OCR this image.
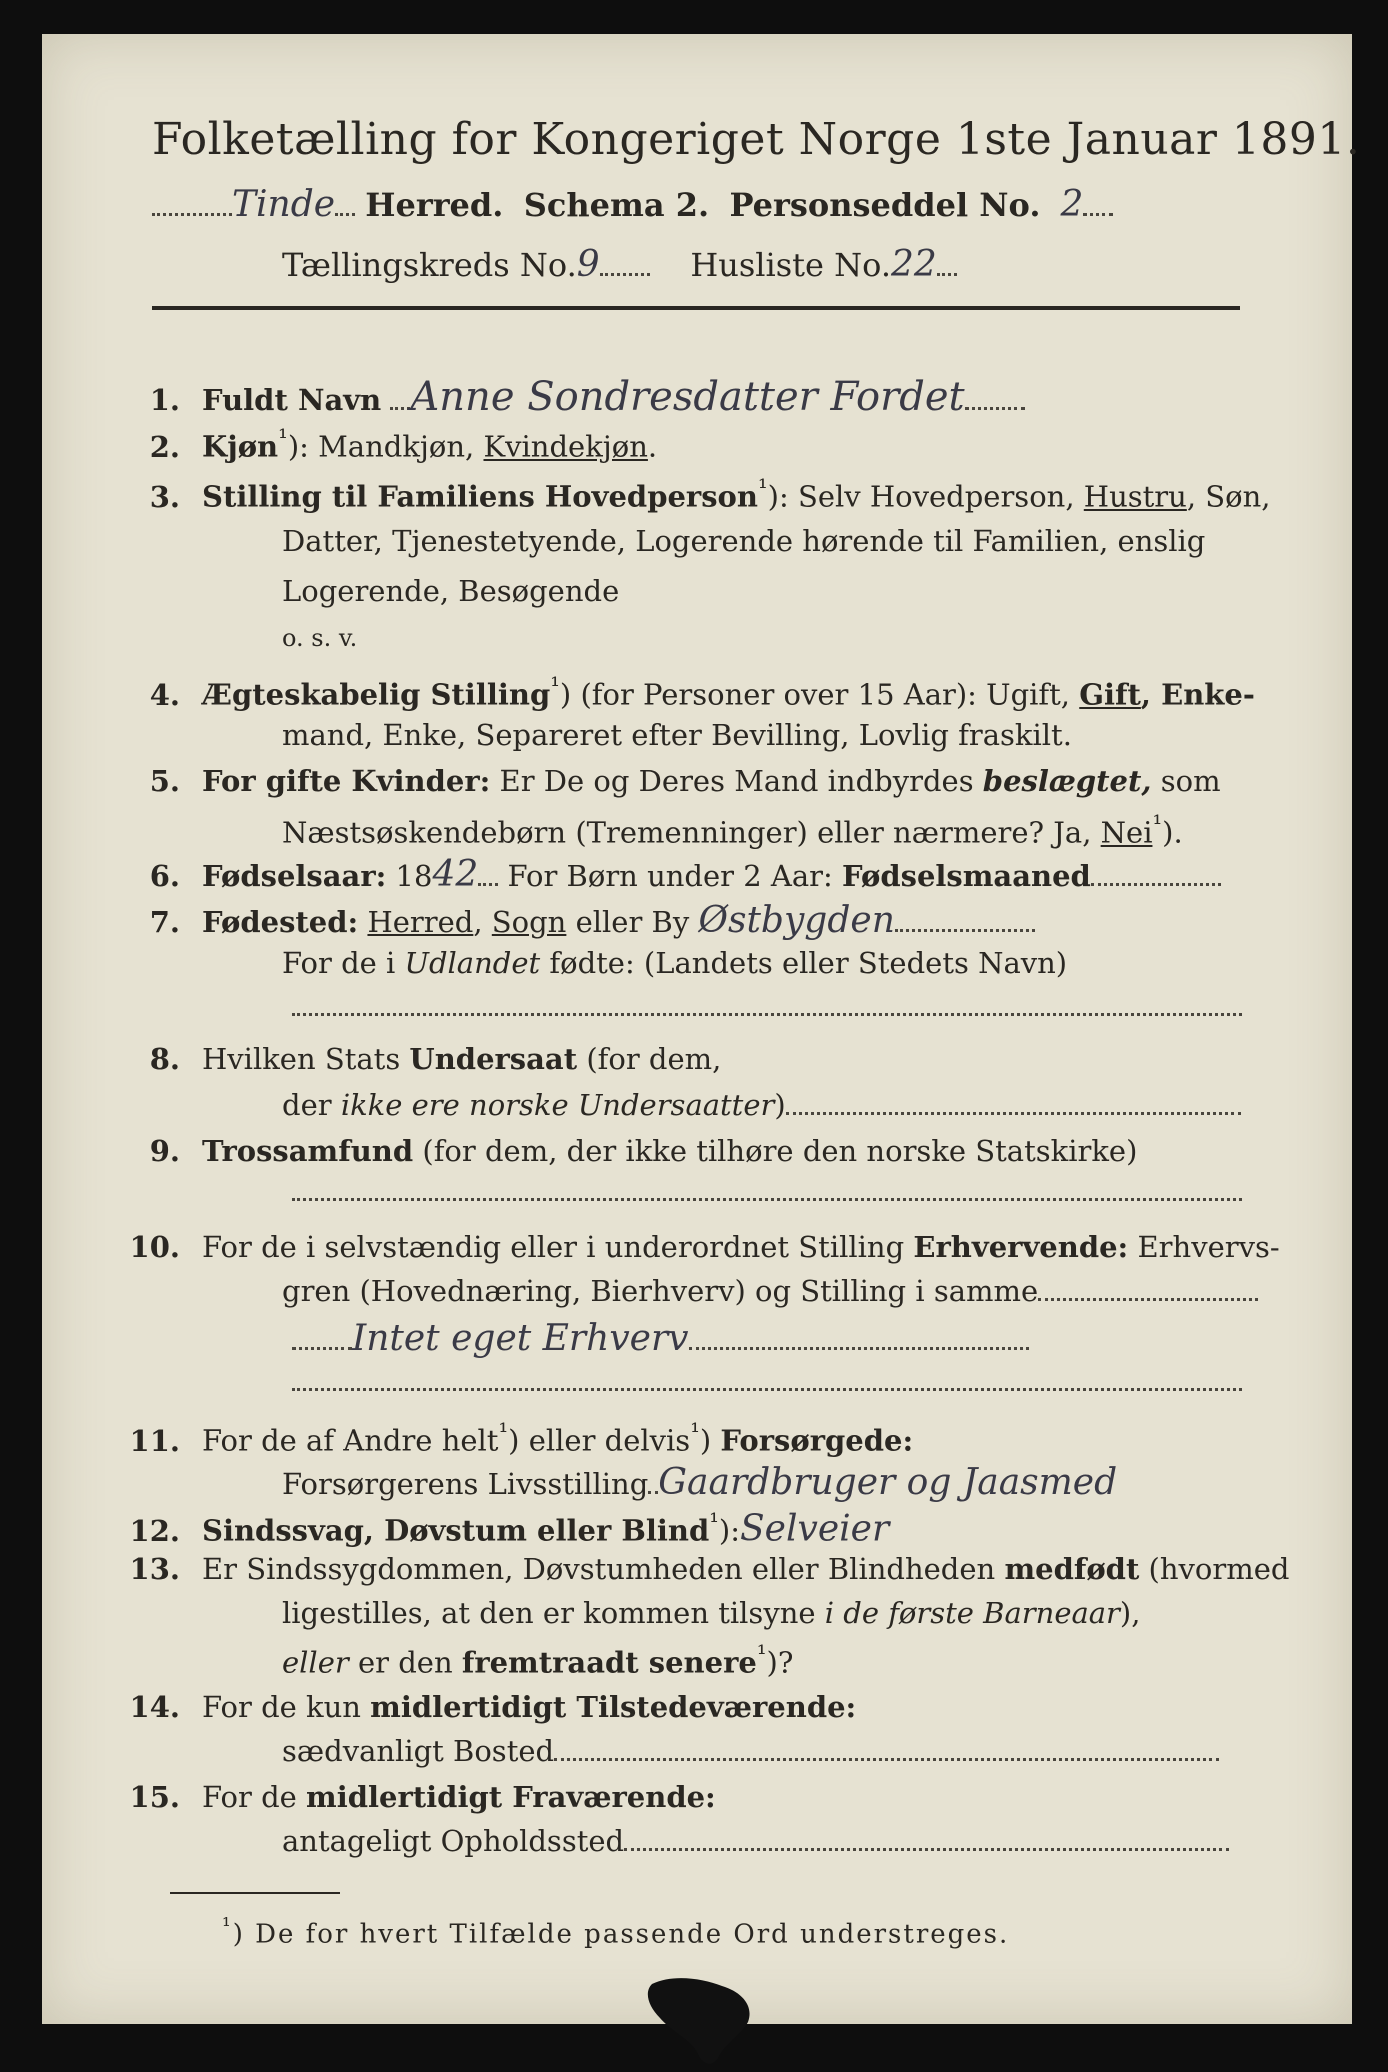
Folketælling for Kongeriget Norge 1ste Januar 1891.
Tinde Herred. Schema 2. Personseddel No. 2
Tællingskreds No.9	Husliste No.22
1. Fuldt Navn Anne Sondresdatter Fordet
2. Kjøn$^{^1}$): Mandkjøn, Kvindekjøn.
3. Stilling til Familiens Hovedperson$^{^1}$): Selv Hovedperson, Hustru, Søn,
Datter, Tjenestetyende, Logerende hørende til Familien, enslig
Logerende, Besøgende
o. s. v.
4. Ægteskabelig Stilling$^{^1}$) (for Personer over 15 Aar): Ugift, Gift, Enke-
mand, Enke, Separeret efter Bevilling, Lovlig fraskilt.
5. For gifte Kvinder: Er De og Deres Mand indbyrdes beslægtet, som
Næstsøskendebørn (Tremenninger) eller nærmere? Ja, Nei$^{^1}$).
6. Fødselsaar: 1842 For Børn under 2 Aar: Fødselsmaaned
7. Fødested: Herred, Sogn eller By Østbygden
For de i Udlandet fødte: (Landets eller Stedets Navn)
8. Hvilken Stats Undersaat (for dem,
der ikke ere norske Undersaatter)
9. Trossamfund (for dem, der ikke tilhøre den norske Statskirke)
10. For de i selvstændig eller i underordnet Stilling Erhvervende: Erhvervs-
gren (Hovednæring, Bierhverv) og Stilling i samme
Intet eget Erhverv
11. For de af Andre helt$^{^1}$) eller delvis$^{^1}$) Forsørgede:
Forsørgerens Livsstilling Gaardbruger og Jaasmed
12. Sindssvag, Døvstum eller Blind$^{^1}$):Selveier
13. Er Sindssygdommen, Døvstumheden eller Blindheden medfødt (hvormed
ligestilles, at den er kommen tilsyne i de første Barneaar),
eller er den fremtraadt senere$^{^1}$)?
14. For de kun midlertidigt Tilstedeværende:
sædvanligt Bosted
15. For de midlertidigt Fraværende:
antageligt Opholdssted
$^{^1}$) De for hvert Tilfælde passende Ord understreges.
